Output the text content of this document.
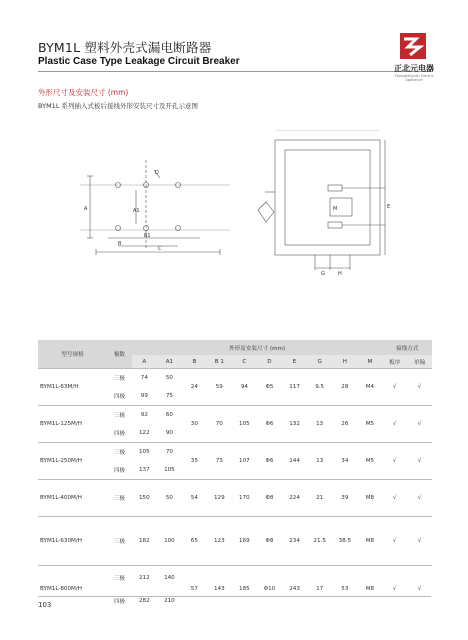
BYM1L 塑料外壳式漏电断路器
Plastic Case Type Leakage Circuit Breaker
正北元电器
Zhengbeiyuan Electric Appliance
外形尺寸及安装尺寸 (mm)
BYM1L 系列插入式板后接线外形安装尺寸及开孔示意图
D
A	A1
B
B1
C
E
M
G	H
型号规格	极数	外形及安装尺寸 (mm)										接线方式	
		A	A1	B	B 1	C	D	E	G	H	M	板序	单翰
BYM1L-63M/H	三极	74	50	24	59	94	Φ5	117	9.5	28	M4	√	√
	四极	99	75										
BYM1L-125M/H	三极	92	60	30	70	105	Φ6	132	13	26	M5	√	√
	四极	122	90										
BYM1L-250M/H	三极	105	70	35	73	107	Φ6	144	13	34	M5	√	√
	四极	137	105										
BYM1L-400M/H	三极	150	50	54	129	170	Φ8	224	21	39	M8	√	√
BYM1L-630M/H	三极	182	100	65	123	169	Φ8	234	21.5	38.5	M8	√	√
BYM1L-800M/H	三极	212	140	57	143	185	Φ10	243	17	53	M8	√	√
	四极	282	210										
103
